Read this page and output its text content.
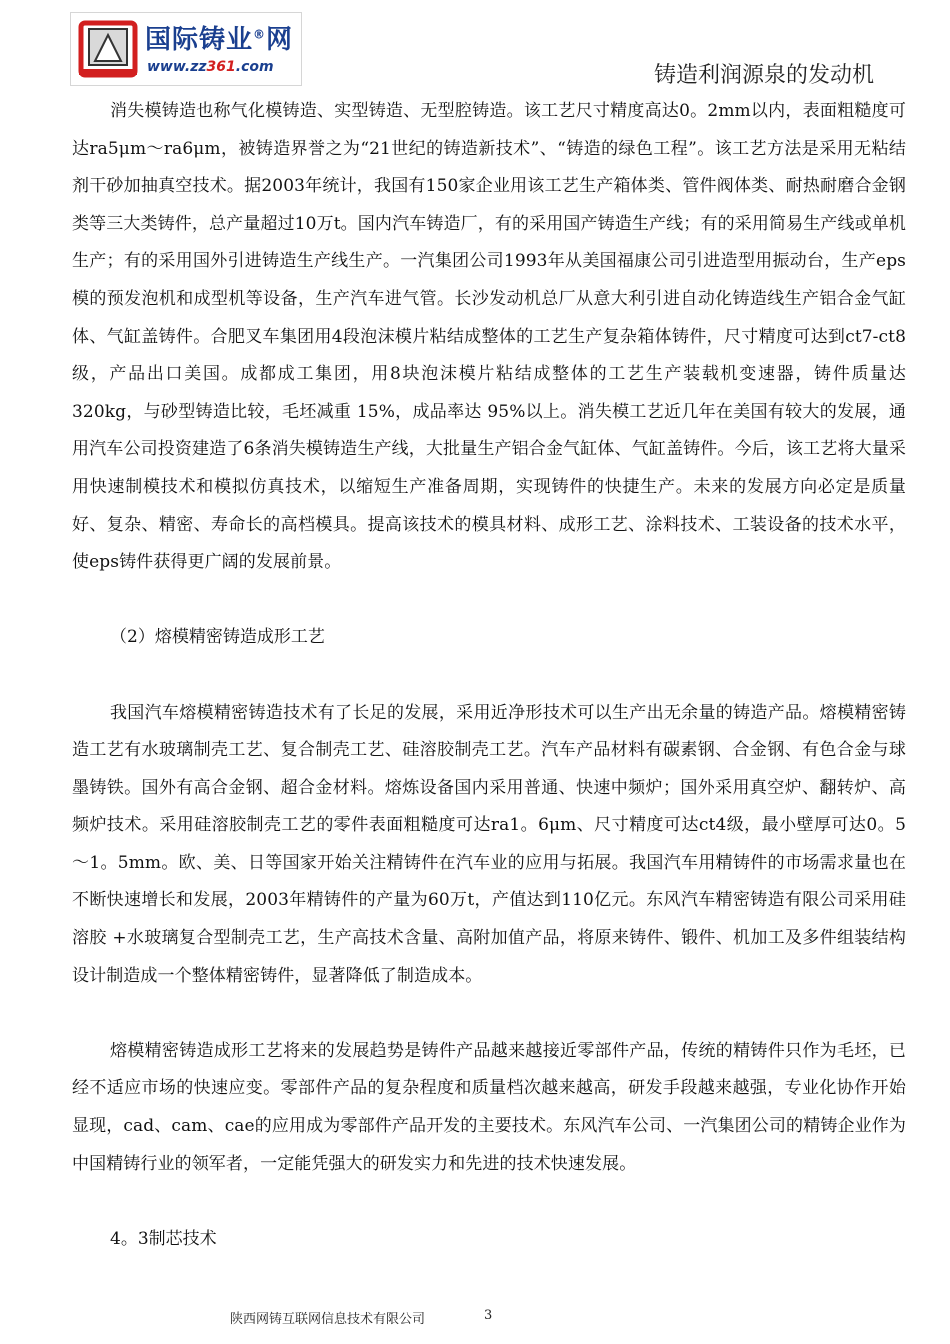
国际铸业®网
www.zz361.com	铸造利润源泉的发动机

消失模铸造也称气化模铸造、实型铸造、无型腔铸造。该工艺尺寸精度高达0。2mm以内，表面粗糙度可达ra5μm～ra6μm，被铸造界誉之为“21世纪的铸造新技术”、“铸造的绿色工程”。该工艺方法是采用无粘结剂干砂加抽真空技术。据2003年统计，我国有150家企业用该工艺生产箱体类、管件阀体类、耐热耐磨合金钢类等三大类铸件，总产量超过10万t。国内汽车铸造厂，有的采用国产铸造生产线；有的采用简易生产线或单机生产；有的采用国外引进铸造生产线生产。一汽集团公司1993年从美国福康公司引进造型用振动台，生产eps模的预发泡机和成型机等设备，生产汽车进气管。长沙发动机总厂从意大利引进自动化铸造线生产铝合金气缸体、气缸盖铸件。合肥叉车集团用4段泡沫模片粘结成整体的工艺生产复杂箱体铸件，尺寸精度可达到ct7-ct8级，产品出口美国。成都成工集团，用8块泡沫模片粘结成整体的工艺生产装载机变速器，铸件质量达320kg，与砂型铸造比较，毛坯减重 15%，成品率达 95%以上。消失模工艺近几年在美国有较大的发展，通用汽车公司投资建造了6条消失模铸造生产线，大批量生产铝合金气缸体、气缸盖铸件。今后，该工艺将大量采用快速制模技术和模拟仿真技术，以缩短生产准备周期，实现铸件的快捷生产。未来的发展方向必定是质量好、复杂、精密、寿命长的高档模具。提高该技术的模具材料、成形工艺、涂料技术、工装设备的技术水平，使eps铸件获得更广阔的发展前景。

（2）熔模精密铸造成形工艺

我国汽车熔模精密铸造技术有了长足的发展，采用近净形技术可以生产出无余量的铸造产品。熔模精密铸造工艺有水玻璃制壳工艺、复合制壳工艺、硅溶胶制壳工艺。汽车产品材料有碳素钢、合金钢、有色合金与球墨铸铁。国外有高合金钢、超合金材料。熔炼设备国内采用普通、快速中频炉；国外采用真空炉、翻转炉、高频炉技术。采用硅溶胶制壳工艺的零件表面粗糙度可达ra1。6μm、尺寸精度可达ct4级，最小壁厚可达0。5～1。5mm。欧、美、日等国家开始关注精铸件在汽车业的应用与拓展。我国汽车用精铸件的市场需求量也在不断快速增长和发展，2003年精铸件的产量为60万t，产值达到110亿元。东风汽车精密铸造有限公司采用硅溶胶 +水玻璃复合型制壳工艺，生产高技术含量、高附加值产品，将原来铸件、锻件、机加工及多件组装结构设计制造成一个整体精密铸件，显著降低了制造成本。

熔模精密铸造成形工艺将来的发展趋势是铸件产品越来越接近零部件产品，传统的精铸件只作为毛坯，已经不适应市场的快速应变。零部件产品的复杂程度和质量档次越来越高，研发手段越来越强，专业化协作开始显现，cad、cam、cae的应用成为零部件产品开发的主要技术。东风汽车公司、一汽集团公司的精铸企业作为中国精铸行业的领军者，一定能凭强大的研发实力和先进的技术快速发展。

4。3制芯技术

陕西网铸互联网信息技术有限公司	3
